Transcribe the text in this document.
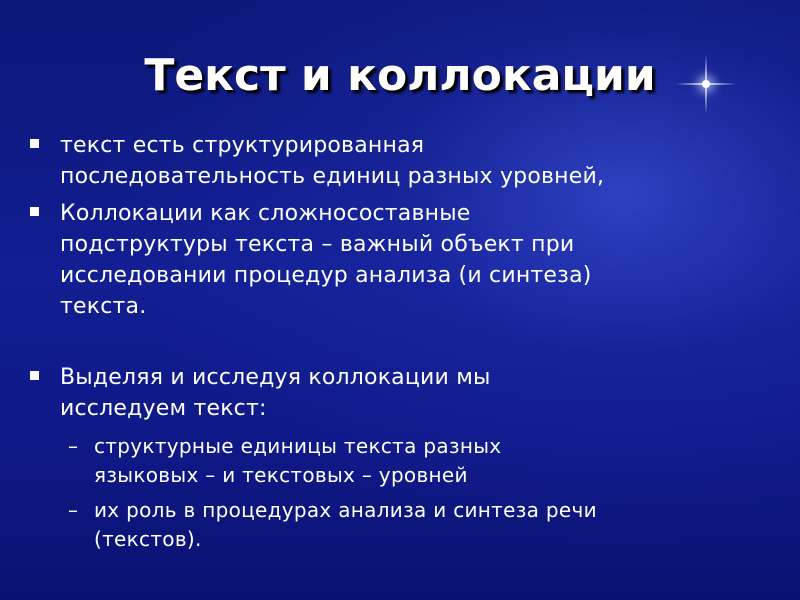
Текст и коллокации
текст есть структурированная
последовательность единиц разных уровней,
Коллокации как сложносоставные
подструктуры текста – важный объект при
исследовании процедур анализа (и синтеза)
текста.
Выделяя и исследуя коллокации мы
исследуем текст:
– структурные единицы текста разных
языковых – и текстовых – уровней
– их роль в процедурах анализа и синтеза речи
(текстов).
